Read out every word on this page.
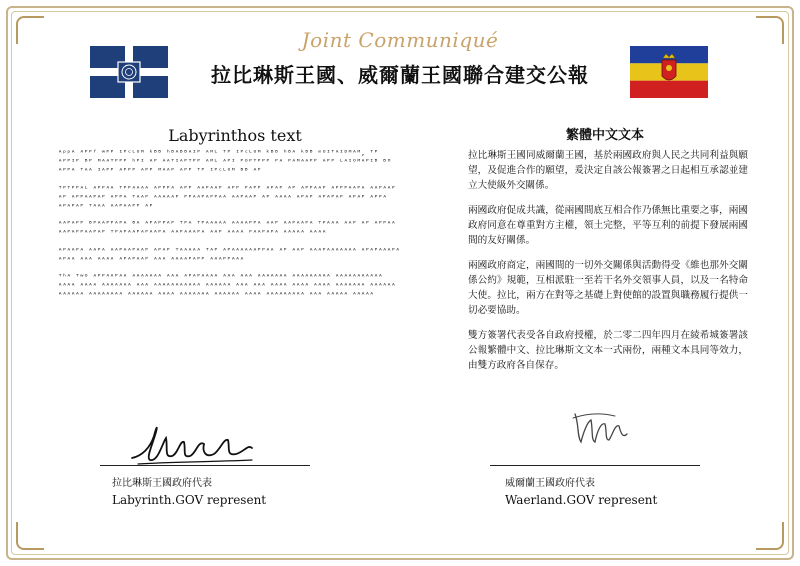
Joint Communiqué
拉比琳斯王國、威爾蘭王國聯合建交公報
Labyrinthos text	繁體中文文本

ᴬᵖᵖᴬ ᴬᴾᴾᶠ ʷᴾᴾ ᴵᴾᶜᴸᴼᴹ ᵏᴮᴮ ʰᴮᴬᴮᴮᴬᴵᴾ ᴬᴹᴸ ᵀᴾ ᴵᴾᶜᴸᴼᴹ ᵏᴮᴮ ʰᴮᴬ ᵏᴮᴮ ᵐᴼᴵᵀᴬᴵᴰᴹᴬᴹ, ᵀᴾ ᴬᴾᴾᴵᴾ ᴮᴾ ᴹᴬᴬᵀᴾᴾᴾ ʰᴾᴵ ᴬᴾ ᴬᴬᵀᴵᴬᴾᵀᴾᴾ ᴬᴹᴸ ᴬᴾᴵ ᴾᴼᴾᵀᴾᴾᴾ ᴾᴬ ᴾᴬᴹᴬᴬᴾᴾ ᴬᴾᴾ ᴸᴬᴵᴼᴹᴬᴾᴵᴮ ᴮᴴ ᴬᴾᴾᴬ ᵀᴬᴬ ᴵᴬᴾᴾ ᴬᴾᴾᴾ ᴬᴾᴾ ᴹᴬᴬᴾ ᴬᴾᴾ ᵀᴾ ᴵᴾᶜᴸᴼᴹ ᴮᴮ ᴬᴾ

ᵀᴾᵀᴾᴾᴬᴸ ᴬᴾᴾᴬᴬ ᵀᴾᴾᴬᴬᴬᴬ ᴬᴾᴾᴾᴬ ᴬᴾᴾ ᴬᴬᴾᴬᴬᴾ ᴬᴾᴾ ᴾᴬᴾᴾ ᴬᴾᴬᴾ ᴬᴾ ᴬᴾᴾᴬᴬᴾ ᴬᴾᴾᴾᴬᴬᴾᴬ ᴬᴬᴾᴬᴬᴾ ᴬᴾ ᴬᴾᴾᴬᴬᴾᴬᴾ ᴬᴾᴾᴬ ᵀᴬᴬᴾ ᴬᴬᴬᴬᴬᴾ ᴾᴾᴬᴬᴾᴬᴾᴾᴬᴬ ᴬᴬᴾᴬᴬᴾ ᴬᴾ ᴬᴬᴬᴬ ᴬᴾᴬᴾ ᴬᴾᴬᴾᴬᴾ ᴬᴾᴬᴾ ᴬᴾᴾᴬ ᴬᴾᴬᴾᴬᴾ ᵀᴬᴬᴬ ᴬᴬᴾᴬᴬᴾᴾ ᴬᴾ

ᴬᴬᴾᴬᴾᴾ ᴮᴾᴬᴬᴾᴾᴬᴾᴬ ᴮᴬ ᴬᴾᴬᴾᴾᴬᴾ ᵀᴾᴬ ᵀᴾᴬᴬᴬᴬᴬ ᴬᴬᴬᴬᴾᴾᴬ ᴬᴬᴾ ᴬᴬᴾᴬᴬᴾᴬ ᵀᴾᴬᴬᴬ ᴬᴬᴾ ᴬᴾ ᴬᴾᴾᴬᴬ ᴬᴬᴾᴬᴾᴾᴬᴬᴾᴬᴾ ᵀᴾᴬᴾᴬᴬᴾᴬᴾᴬᴬᴾᴬ ᴬᴬᴾᴬᴬᴬᴾᴬ ᴬᴬᴾ ᴬᴬᴬᴬ ᴾᴬᴬᴾᴬᴾᴬ ᴬᴬᴬᴬᴬ ᴬᴬᴬᴬ

ᴬᴾᴬᴬᴾᴬ ᴬᴬᴾᴬ ᴬᴬᴾᴬᴬᴾᴬᴬᴾ ᴬᴾᴬᴾ ᵀᴬᴬᴬᴬᴬ ᵀᴬᴾ ᴬᴾᴬᴬᴬᴬᴬᴬᴾᴾᴬᴬ ᴬᴾ ᴬᴬᴾ ᴬᴬᴬᴾᴬᴬᴬᴬᴬᴬᴬ ᴬᴾᴬᴾᴬᴬᴬᴾᴬ ᴬᴾᴬᴬ ᴬᴬᴬ ᴬᴬᴬᴬ ᴬᴾᴬᴾᴬᴬᴾ ᴬᴬᴬ ᴬᴬᴬᴬᴾᴬᴾᴾ ᴬᴬᴬᴾᴾᴬᴬᴬ

ᵀʰᴬ ᵀʷᴼ ᴬᴾᴾᴬᴬᴾᴬᴬ ᴬᴬᴬᴬᴬᴬᴬ ᴬᴬᴬ ᴬᴾᴬᴾᴬᴬᴬᴬ ᴬᴬᴬ ᴬᴬᴬ ᴬᴬᴬᴬᴬᴬᴬ ᴬᴬᴬᴬᴬᴬᴬᴬᴬ ᴬᴬᴬᴬᴬᴬᴬᴬᴬᴬᴬ ᴬᴬᴬᴬ ᴬᴬᴬᴬ ᴬᴬᴬᴬᴬᴬᴬ ᴬᴬᴬ ᴬᴬᴬᴬᴬᴬᴬᴬᴬᴬᴬ ᴬᴬᴬᴬᴬᴬ ᴬᴬᴬ ᴬᴬᴬ ᴬᴬᴬᴬ ᴬᴬᴬᴬ ᴬᴬᴬᴬ ᴬᴬᴬᴬᴬᴬᴬ ᴬᴬᴬᴬᴬᴬ ᴬᴬᴬᴬᴬᴬ ᴬᴬᴬᴬᴬᴬᴬᴬ ᴬᴬᴬᴬᴬᴬ ᴬᴬᴬᴬ ᴬᴬᴬᴬᴬᴬᴬ ᴬᴬᴬᴬᴬᴬ ᴬᴬᴬᴬ ᴬᴬᴬᴬᴬᴬᴬᴬᴬ ᴬᴬᴬ ᴬᴬᴬᴬᴬ ᴬᴬᴬᴬᴬ

拉比琳斯王國同威爾蘭王國，基於兩國政府與人民之共同利益與願望，及促進合作的願望，爰決定自該公報簽署之日起相互承認並建立大使級外交關係。

兩國政府促成共識，從兩國間底互相合作乃係無比重要之事，兩國政府同意在尊重對方主權，領土完整，平等互利的前提下發展兩國間的友好關係。

兩國政府商定，兩國間的一切外交關係與活動得受《維也那外交關係公約》規範，互相派駐一至若干名外交領事人員，以及一名特命大使。拉比，兩方在對等之基礎上對使館的設置與職務履行提供一切必要協助。

雙方簽署代表受各自政府授權，於二零二四年四月在綾希城簽署該公報繁體中文、拉比琳斯文文本一式兩份，兩種文本具同等效力，由雙方政府各自保存。

拉比琳斯王國政府代表
Labyrinth.GOV represent
威爾蘭王國政府代表
Waerland.GOV represent
